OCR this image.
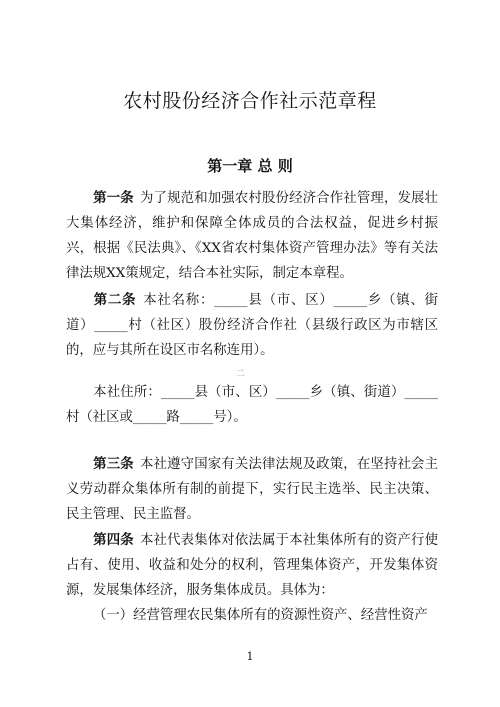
农村股份经济合作社示范章程
第一章 总 则
第一条 为了规范和加强农村股份经济合作社管理，发展壮大集体经济，维护和保障全体成员的合法权益，促进乡村振兴，根据《民法典》、《XX省农村集体资产管理办法》等有关法律法规XX策规定，结合本社实际，制定本章程。
第二条 本社名称：_____县（市、区）_____乡（镇、街道）_____村（社区）股份经济合作社（县级行政区为市辖区的，应与其所在设区市名称连用）。
二
本社住所：_____县（市、区）_____乡（镇、街道）_____村（社区或_____路_____号）。
第三条 本社遵守国家有关法律法规及政策，在坚持社会主义劳动群众集体所有制的前提下，实行民主选举、民主决策、民主管理、民主监督。
第四条 本社代表集体对依法属于本社集体所有的资产行使占有、使用、收益和处分的权利，管理集体资产，开发集体资源，发展集体经济，服务集体成员。具体为：
（一）经营管理农民集体所有的资源性资产、经营性资产
1
